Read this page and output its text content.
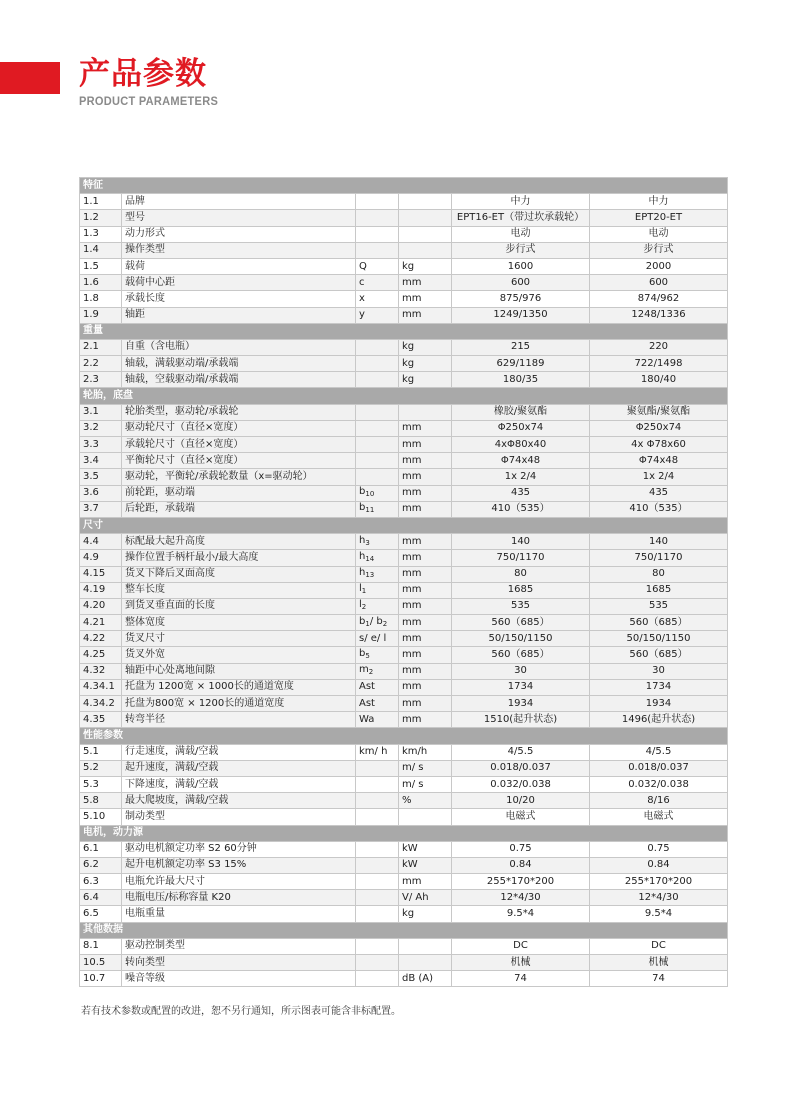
产品参数
PRODUCT PARAMETERS
特征					
1.1	品牌			中力	中力
1.2	型号			EPT16-ET（带过坎承载轮）	EPT20-ET
1.3	动力形式			电动	电动
1.4	操作类型			步行式	步行式
1.5	载荷	Q	kg	1600	2000
1.6	载荷中心距	c	mm	600	600
1.8	承载长度	x	mm	875/976	874/962
1.9	轴距	y	mm	1249/1350	1248/1336
重量					
2.1	自重（含电瓶）		kg	215	220
2.2	轴载，满载驱动端/承载端		kg	629/1189	722/1498
2.3	轴载，空载驱动端/承载端		kg	180/35	180/40
轮胎，底盘					
3.1	轮胎类型，驱动轮/承载轮			橡胶/聚氨酯	聚氨酯/聚氨酯
3.2	驱动轮尺寸（直径×宽度）		mm	Φ250x74	Φ250x74
3.3	承载轮尺寸（直径×宽度）		mm	4xΦ80x40	4x Φ78x60
3.4	平衡轮尺寸（直径×宽度）		mm	Φ74x48	Φ74x48
3.5	驱动轮，平衡轮/承载轮数量（x=驱动轮）		mm	1x 2/4	1x 2/4
3.6	前轮距，驱动端	$b_{10}$	mm	435	435
3.7	后轮距，承载端	$b_{11}$	mm	410（535）	410（535）
尺寸					
4.4	标配最大起升高度	$h_3$	mm	140	140
4.9	操作位置手柄杆最小/最大高度	$h_{14}$	mm	750/1170	750/1170
4.15	货叉下降后叉面高度	$h_{13}$	mm	80	80
4.19	整车长度	$l_1$	mm	1685	1685
4.20	到货叉垂直面的长度	$l_2$	mm	535	535
4.21	整体宽度	$b_1/$ $b_2$	mm	560（685）	560（685）
4.22	货叉尺寸	s/ e/ l	mm	50/150/1150	50/150/1150
4.25	货叉外宽	$b_5$	mm	560（685）	560（685）
4.32	轴距中心处离地间隙	$m_2$	mm	30	30
4.34.1	托盘为 1200宽 × 1000长的通道宽度	Ast	mm	1734	1734
4.34.2	托盘为800宽 × 1200长的通道宽度	Ast	mm	1934	1934
4.35	转弯半径	Wa	mm	1510(起升状态)	1496(起升状态)
性能参数					
5.1	行走速度，满载/空载	km/ h	km/h	4/5.5	4/5.5
5.2	起升速度，满载/空载		m/ s	0.018/0.037	0.018/0.037
5.3	下降速度，满载/空载		m/ s	0.032/0.038	0.032/0.038
5.8	最大爬坡度，满载/空载		%	10/20	8/16
5.10	制动类型			电磁式	电磁式
电机，动力源					
6.1	驱动电机额定功率 S2 60分钟		kW	0.75	0.75
6.2	起升电机额定功率 S3 15%		kW	0.84	0.84
6.3	电瓶允许最大尺寸		mm	255*170*200	255*170*200
6.4	电瓶电压/标称容量 K20		V/ Ah	12*4/30	12*4/30
6.5	电瓶重量		kg	9.5*4	9.5*4
其他数据					
8.1	驱动控制类型			DC	DC
10.5	转向类型			机械	机械
10.7	噪音等级		dB (A)	74	74
若有技术参数或配置的改进，恕不另行通知，所示图表可能含非标配置。
